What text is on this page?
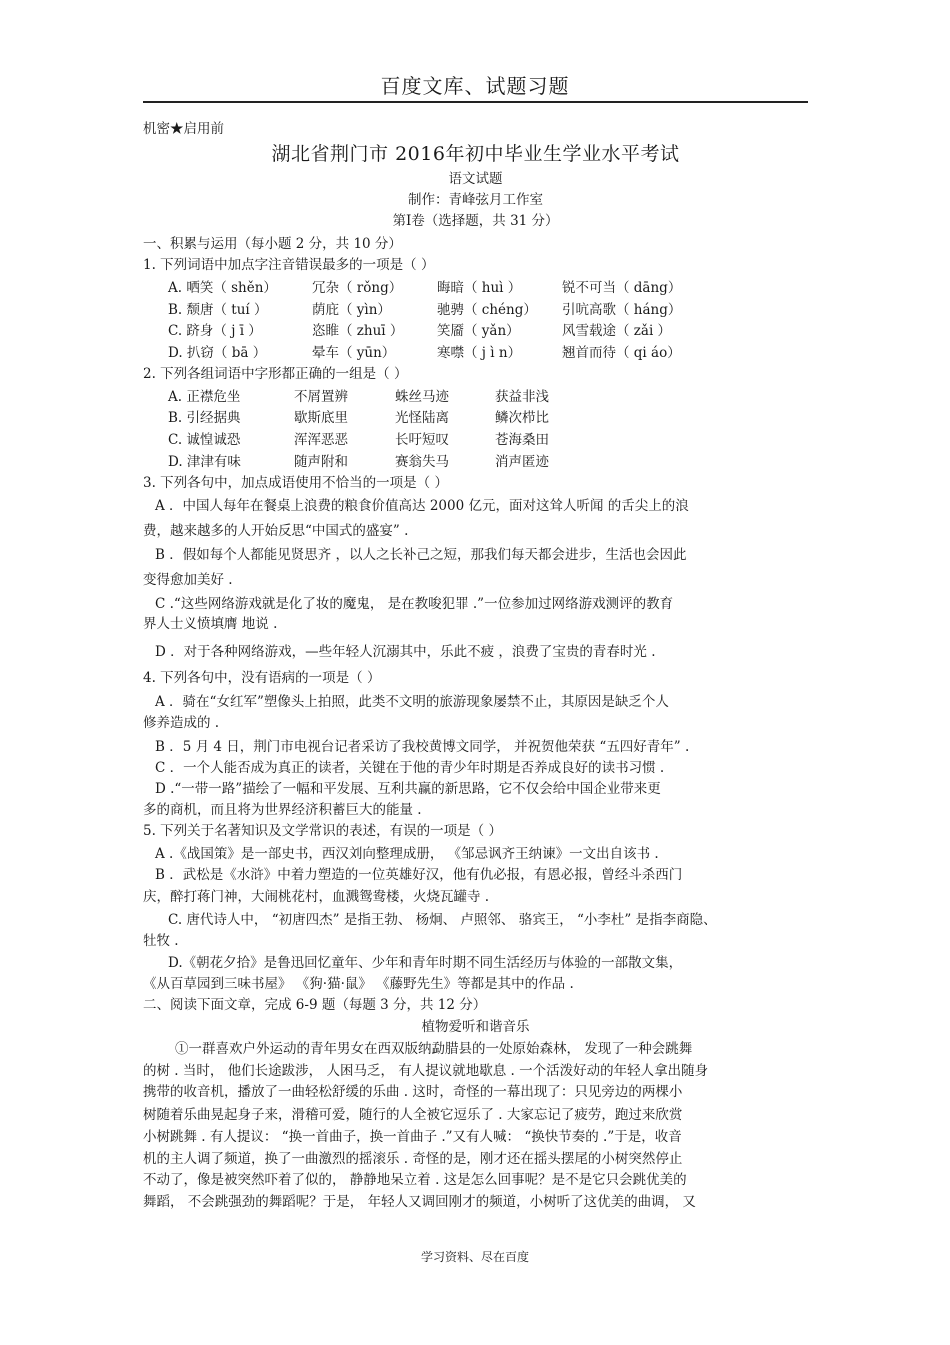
百度文库、试题习题
机密★启用前
湖北省荆门市 2016年初中毕业生学业水平考试
语文试题
制作：青峰弦月工作室
第Ⅰ卷（选择题，共 31 分）
一、积累与运用（每小题 2 分，共 10 分）
1. 下列词语中加点字注音错误最多的一项是（ ）
A. 哂笑（ shěn）	冗杂（ rǒng）	晦暗（ huì ）	锐不可当（ dāng）
B. 颓唐（ tuí ）	荫庇（ yìn）	驰骋（ chéng） 引吭高歌（ háng）
C. 跻身（ j ī ）	恣睢（ zhuī ） 笑靥（ yǎn）	风雪载途（ zǎi ）
D. 扒窃（ bā ）	晕车（ yūn）	寒噤（ j ì n）	翘首而待（ qi áo）
2. 下列各组词语中字形都正确的一组是（ ）
A. 正襟危坐	不屑置辨	蛛丝马迹	获益非浅
B. 引经据典	歇斯底里	光怪陆离	鳞次栉比
C. 诚惶诚恐	浑浑恶恶	长吁短叹	苍海桑田
D. 津津有味	随声附和	赛翁失马	消声匿迹
3. 下列各句中，加点成语使用不恰当的一项是（ ）
A ．中国人每年在餐桌上浪费的粮食价值高达 2000 亿元，面对这耸人听闻 的舌尖上的浪
费，越来越多的人开始反思“中国式的盛宴” .
B ．假如每个人都能见贤思齐 ，以人之长补己之短，那我们每天都会进步，生活也会因此
变得愈加美好 .
C .“这些网络游戏就是化了妆的魔鬼， 是在教唆犯罪 .”一位参加过网络游戏测评的教育
界人士义愤填膺 地说 .
D ．对于各种网络游戏，—些年轻人沉溺其中，乐此不疲 ，浪费了宝贵的青春时光 .
4. 下列各句中，没有语病的一项是（ ）
A ．骑在“女红军”塑像头上拍照，此类不文明的旅游现象屡禁不止，其原因是缺乏个人
修养造成的 .
B ．5 月 4 日，荆门市电视台记者采访了我校黄博文同学， 并祝贺他荣获 “五四好青年” .
C ．一个人能否成为真正的读者，关键在于他的青少年时期是否养成良好的读书习惯 .
D .“一带一路”描绘了一幅和平发展、互利共赢的新思路，它不仅会给中国企业带来更
多的商机，而且将为世界经济积蓄巨大的能量 .
5. 下列关于名著知识及文学常识的表述，有误的一项是（ ）
A .《战国策》是一部史书，西汉刘向整理成册， 《邹忌讽齐王纳谏》一文出自该书 .
B ．武松是《水浒》中着力塑造的一位英雄好汉，他有仇必报，有恩必报，曾经斗杀西门
庆，醉打蒋门神，大闹桃花村，血溅鸳鸯楼，火烧瓦罐寺 .
C. 唐代诗人中， “初唐四杰” 是指王勃、 杨炯、 卢照邻、 骆宾王， “小李杜” 是指李商隐、
牡牧 .
D.《朝花夕拾》是鲁迅回忆童年、少年和青年时期不同生活经历与体验的一部散文集，
《从百草园到三味书屋》 《狗·猫·鼠》 《藤野先生》等都是其中的作品 .
二、阅读下面文章，完成 6-9 题（每题 3 分，共 12 分）
植物爱听和谐音乐
①一群喜欢户外运动的青年男女在西双版纳勐腊县的一处原始森林， 发现了一种会跳舞
的树 . 当时， 他们长途跋涉， 人困马乏， 有人提议就地歇息 . 一个活泼好动的年轻人拿出随身
携带的收音机，播放了一曲轻松舒缓的乐曲 . 这时，奇怪的一幕出现了：只见旁边的两棵小
树随着乐曲晃起身子来，滑稽可爱，随行的人全被它逗乐了 . 大家忘记了疲劳，跑过来欣赏
小树跳舞 . 有人提议： “换一首曲子，换一首曲子 .”又有人喊： “换快节奏的 .”于是，收音
机的主人调了频道，换了一曲激烈的摇滚乐 . 奇怪的是，刚才还在摇头摆尾的小树突然停止
不动了，像是被突然吓着了似的， 静静地呆立着 . 这是怎么回事呢？是不是它只会跳优美的
舞蹈， 不会跳强劲的舞蹈呢？于是， 年轻人又调回刚才的频道，小树听了这优美的曲调， 又
学习资料、尽在百度
